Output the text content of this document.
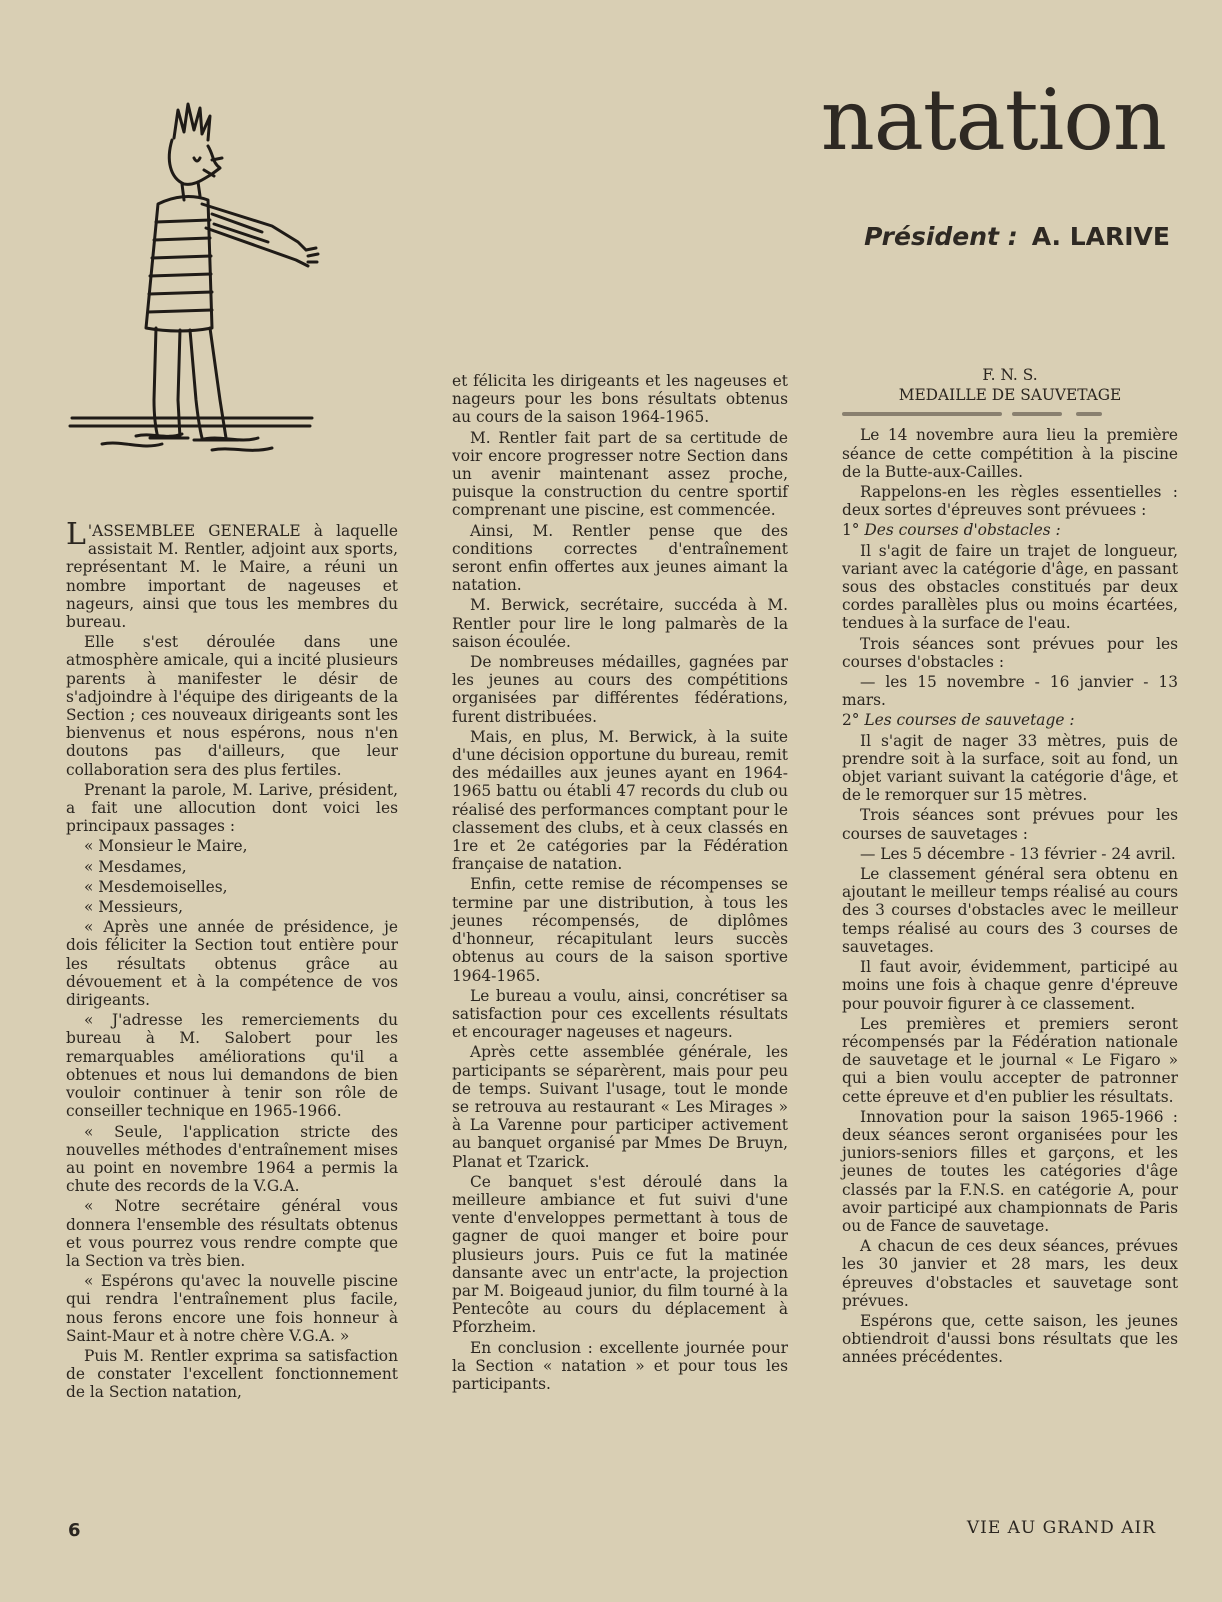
natation
Président : A. LARIVE

L 'ASSEMBLEE GENERALE à laquelle assistait M. Rentler, adjoint aux sports, représentant M. le Maire, a réuni un nombre important de nageuses et nageurs, ainsi que tous les membres du bureau.

Elle s'est déroulée dans une atmosphère amicale, qui a incité plusieurs parents à manifester le désir de s'adjoindre à l'équipe des dirigeants de la Section ; ces nouveaux dirigeants sont les bienvenus et nous espérons, nous n'en doutons pas d'ailleurs, que leur collaboration sera des plus fertiles.

Prenant la parole, M. Larive, président, a fait une allocution dont voici les principaux passages :

« Monsieur le Maire,

« Mesdames,

« Mesdemoiselles,

« Messieurs,

« Après une année de présidence, je dois féliciter la Section tout entière pour les résultats obtenus grâce au dévouement et à la compétence de vos dirigeants.

« J'adresse les remerciements du bureau à M. Salobert pour les remarquables améliorations qu'il a obtenues et nous lui demandons de bien vouloir continuer à tenir son rôle de conseiller technique en 1965-1966.

« Seule, l'application stricte des nouvelles méthodes d'entraînement mises au point en novembre 1964 a permis la chute des records de la V.G.A.

« Notre secrétaire général vous donnera l'ensemble des résultats obtenus et vous pourrez vous rendre compte que la Section va très bien.

« Espérons qu'avec la nouvelle piscine qui rendra l'entraînement plus facile, nous ferons encore une fois honneur à Saint-Maur et à notre chère V.G.A. »

Puis M. Rentler exprima sa satisfaction de constater l'excellent fonctionnement de la Section natation,

et félicita les dirigeants et les nageuses et nageurs pour les bons résultats obtenus au cours de la saison 1964-1965.

M. Rentler fait part de sa certitude de voir encore progresser notre Section dans un avenir maintenant assez proche, puisque la construction du centre sportif comprenant une piscine, est commencée.

Ainsi, M. Rentler pense que des conditions correctes d'entraînement seront enfin offertes aux jeunes aimant la natation.

M. Berwick, secrétaire, succéda à M. Rentler pour lire le long palmarès de la saison écoulée.

De nombreuses médailles, gagnées par les jeunes au cours des compétitions organisées par différentes fédérations, furent distribuées.

Mais, en plus, M. Berwick, à la suite d'une décision opportune du bureau, remit des médailles aux jeunes ayant en 1964-1965 battu ou établi 47 records du club ou réalisé des performances comptant pour le classement des clubs, et à ceux classés en 1re et 2e catégories par la Fédération française de natation.

Enfin, cette remise de récompenses se termine par une distribution, à tous les jeunes récompensés, de diplômes d'honneur, récapitulant leurs succès obtenus au cours de la saison sportive 1964-1965.

Le bureau a voulu, ainsi, concrétiser sa satisfaction pour ces excellents résultats et encourager nageuses et nageurs.

Après cette assemblée générale, les participants se séparèrent, mais pour peu de temps. Suivant l'usage, tout le monde se retrouva au restaurant « Les Mirages » à La Varenne pour participer activement au banquet organisé par Mmes De Bruyn, Planat et Tzarick.

Ce banquet s'est déroulé dans la meilleure ambiance et fut suivi d'une vente d'enveloppes permettant à tous de gagner de quoi manger et boire pour plusieurs jours. Puis ce fut la matinée dansante avec un entr'acte, la projection par M. Boigeaud junior, du film tourné à la Pentecôte au cours du déplacement à Pforzheim.

En conclusion : excellente journée pour la Section « natation » et pour tous les participants.

F. N. S.

MEDAILLE DE SAUVETAGE

Le 14 novembre aura lieu la première séance de cette compétition à la piscine de la Butte-aux-Cailles.

Rappelons-en les règles essentielles : deux sortes d'épreuves sont prévuees :

1° Des courses d'obstacles :

Il s'agit de faire un trajet de longueur, variant avec la catégorie d'âge, en passant sous des obstacles constitués par deux cordes parallèles plus ou moins écartées, tendues à la surface de l'eau.

Trois séances sont prévues pour les courses d'obstacles :

— les 15 novembre - 16 janvier - 13 mars.

2° Les courses de sauvetage :

Il s'agit de nager 33 mètres, puis de prendre soit à la surface, soit au fond, un objet variant suivant la catégorie d'âge, et de le remorquer sur 15 mètres.

Trois séances sont prévues pour les courses de sauvetages :

— Les 5 décembre - 13 février - 24 avril.

Le classement général sera obtenu en ajoutant le meilleur temps réalisé au cours des 3 courses d'obstacles avec le meilleur temps réalisé au cours des 3 courses de sauvetages.

Il faut avoir, évidemment, participé au moins une fois à chaque genre d'épreuve pour pouvoir figurer à ce classement.

Les premières et premiers seront récompensés par la Fédération nationale de sauvetage et le journal « Le Figaro » qui a bien voulu accepter de patronner cette épreuve et d'en publier les résultats.

Innovation pour la saison 1965-1966 : deux séances seront organisées pour les juniors-seniors filles et garçons, et les jeunes de toutes les catégories d'âge classés par la F.N.S. en catégorie A, pour avoir participé aux championnats de Paris ou de Fance de sauvetage.

A chacun de ces deux séances, prévues les 30 janvier et 28 mars, les deux épreuves d'obstacles et sauvetage sont prévues.

Espérons que, cette saison, les jeunes obtiendroit d'aussi bons résultats que les années précédentes.

6	VIE AU GRAND AIR
